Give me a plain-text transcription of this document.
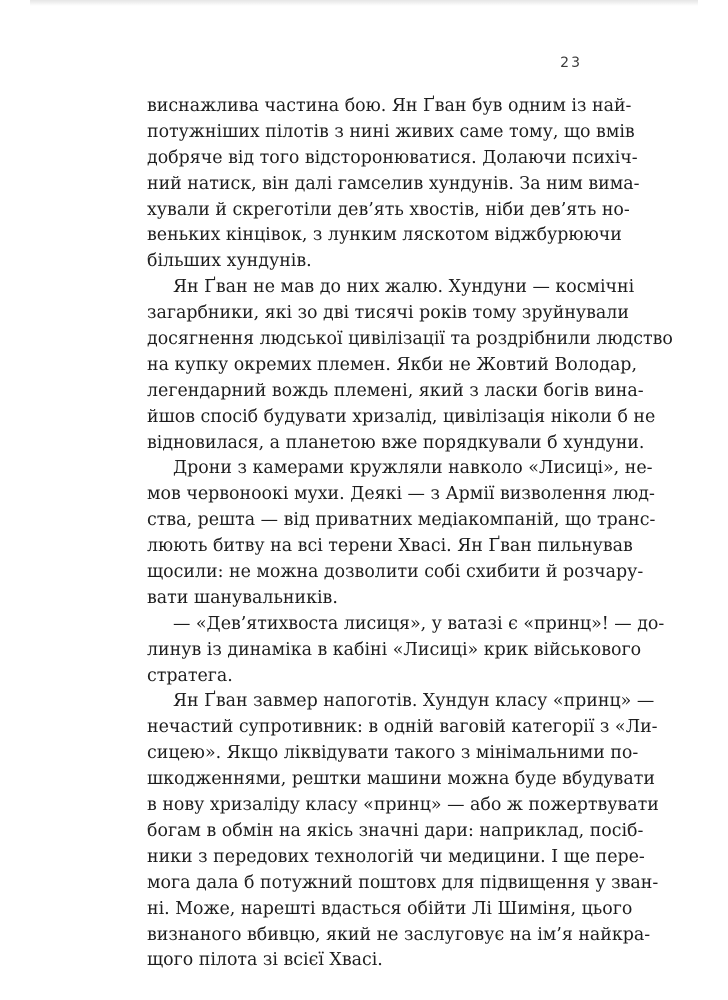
23
виснажлива частина бою. Ян Ґван був одним із най-
потужніших пілотів з нині живих саме тому, що вмів
добряче від того відсторонюватися. Долаючи психіч-
ний натиск, він далі гамселив хундунів. За ним вима-
хували й скреготіли дев’ять хвостів, ніби дев’ять но-
веньких кінцівок, з лунким ляскотом віджбурюючи
більших хундунів.
Ян Ґван не мав до них жалю. Хундуни — космічні
загарбники, які зо дві тисячі років тому зруйнували
досягнення людської цивілізації та роздрібнили людство
на купку окремих племен. Якби не Жовтий Володар,
легендарний вождь племені, який з ласки богів вина-
йшов спосіб будувати хризалід, цивілізація ніколи б не
відновилася, а планетою вже порядкували б хундуни.
Дрони з камерами кружляли навколо «Лисиці», не-
мов червоноокі мухи. Деякі — з Армії визволення люд-
ства, решта — від приватних медіакомпаній, що транс-
люють битву на всі терени Хвасі. Ян Ґван пильнував
щосили: не можна дозволити собі схибити й розчару-
вати шанувальників.
— «Дев’ятихвоста лисиця», у ватазі є «принц»! — до-
линув із динаміка в кабіні «Лисиці» крик військового
стратега.
Ян Ґван завмер напоготів. Хундун класу «принц» —
нечастий супротивник: в одній ваговій категорії з «Ли-
сицею». Якщо ліквідувати такого з мінімальними по-
шкодженнями, рештки машини можна буде вбудувати
в нову хризаліду класу «принц» — або ж пожертвувати
богам в обмін на якісь значні дари: наприклад, посіб-
ники з передових технологій чи медицини. І ще пере-
мога дала б потужний поштовх для підвищення у зван-
ні. Може, нарешті вдасться обійти Лі Шиміня, цього
визнаного вбивцю, який не заслуговує на ім’я найкра-
щого пілота зі всієї Хвасі.
